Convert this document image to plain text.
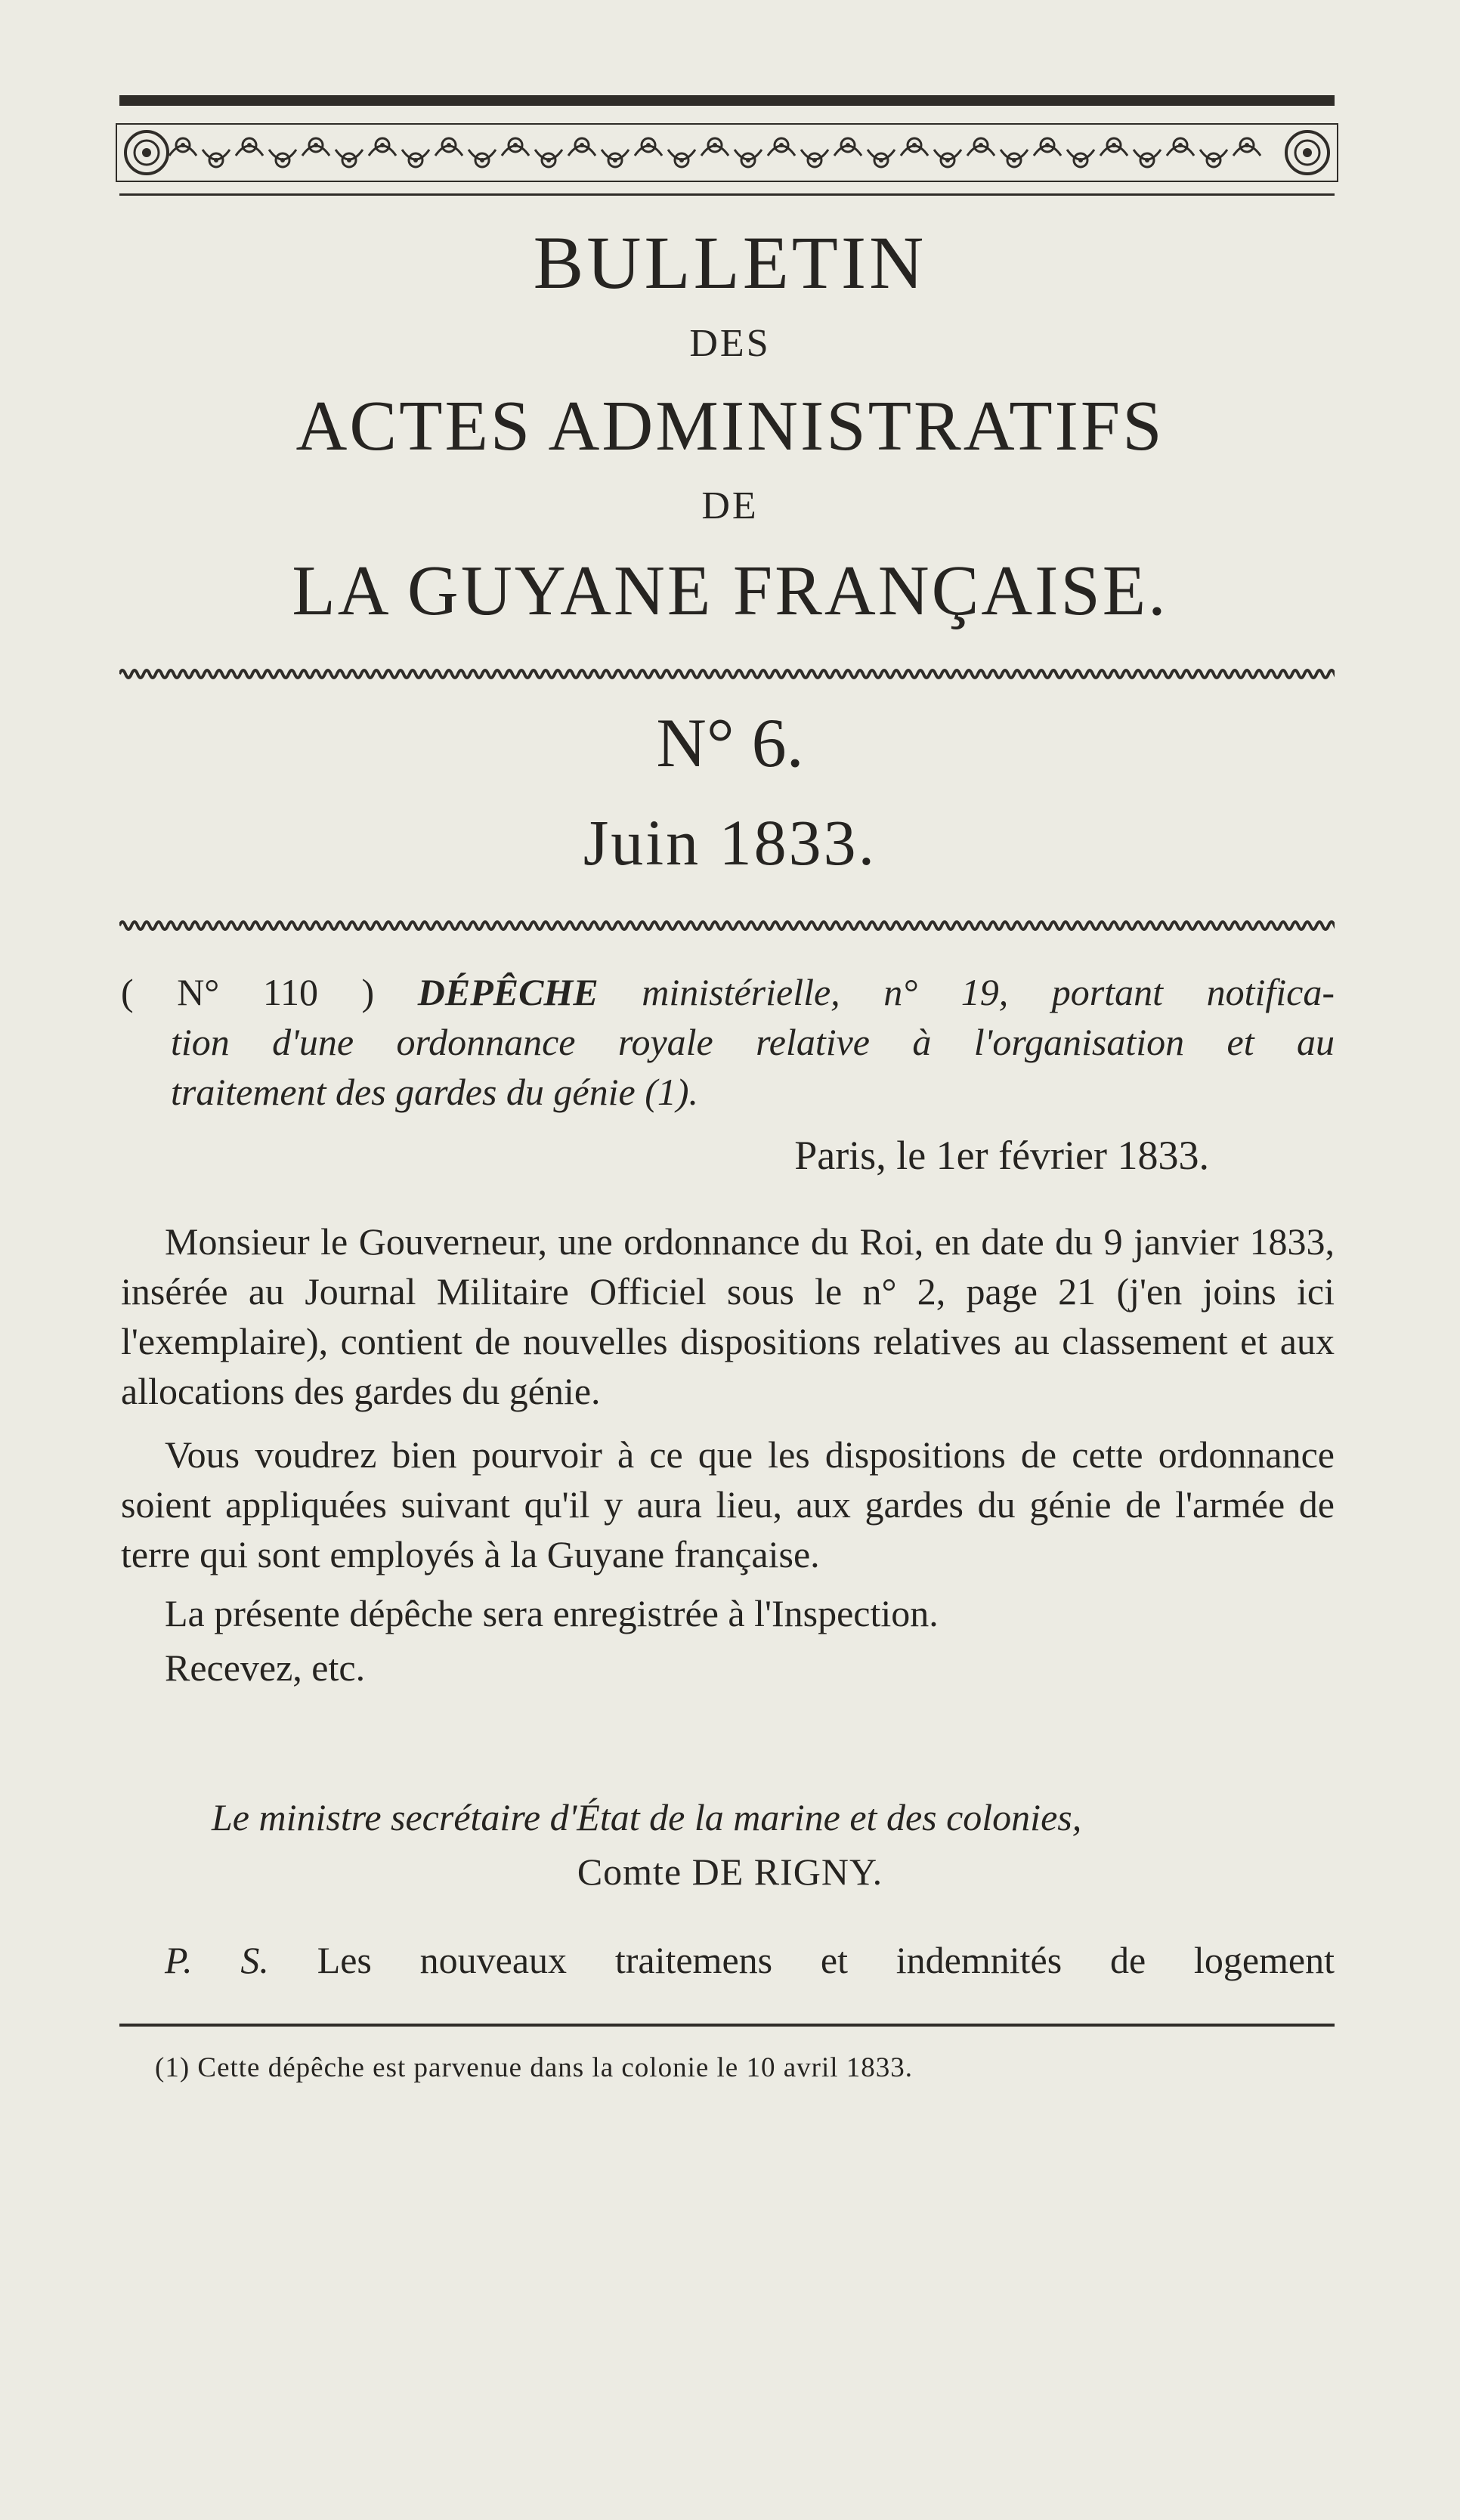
BULLETIN
DES
ACTES ADMINISTRATIFS
DE
LA GUYANE FRANÇAISE.
N° 6.
Juin 1833.
( N° 110 ) DÉPÊCHE ministérielle, n° 19, portant notifica-
tion d'une ordonnance royale relative à l'organisation et au
traitement des gardes du génie (1).
Paris, le 1er février 1833.

Monsieur le Gouverneur, une ordonnance du Roi, en date du 9 janvier 1833, insérée au Journal Militaire Officiel sous le n° 2, page 21 (j'en joins ici l'exemplaire), contient de nouvelles dispositions relatives au classement et aux allocations des gardes du génie.

Vous voudrez bien pourvoir à ce que les dispositions de cette ordonnance soient appliquées suivant qu'il y aura lieu, aux gardes du génie de l'armée de terre qui sont employés à la Guyane française.

La présente dépêche sera enregistrée à l'Inspection.

Recevez, etc.

Le ministre secrétaire d'État de la marine et des colonies,
Comte DE RIGNY.
P. S. Les nouveaux traitemens et indemnités de logement
(1) Cette dépêche est parvenue dans la colonie le 10 avril 1833.
